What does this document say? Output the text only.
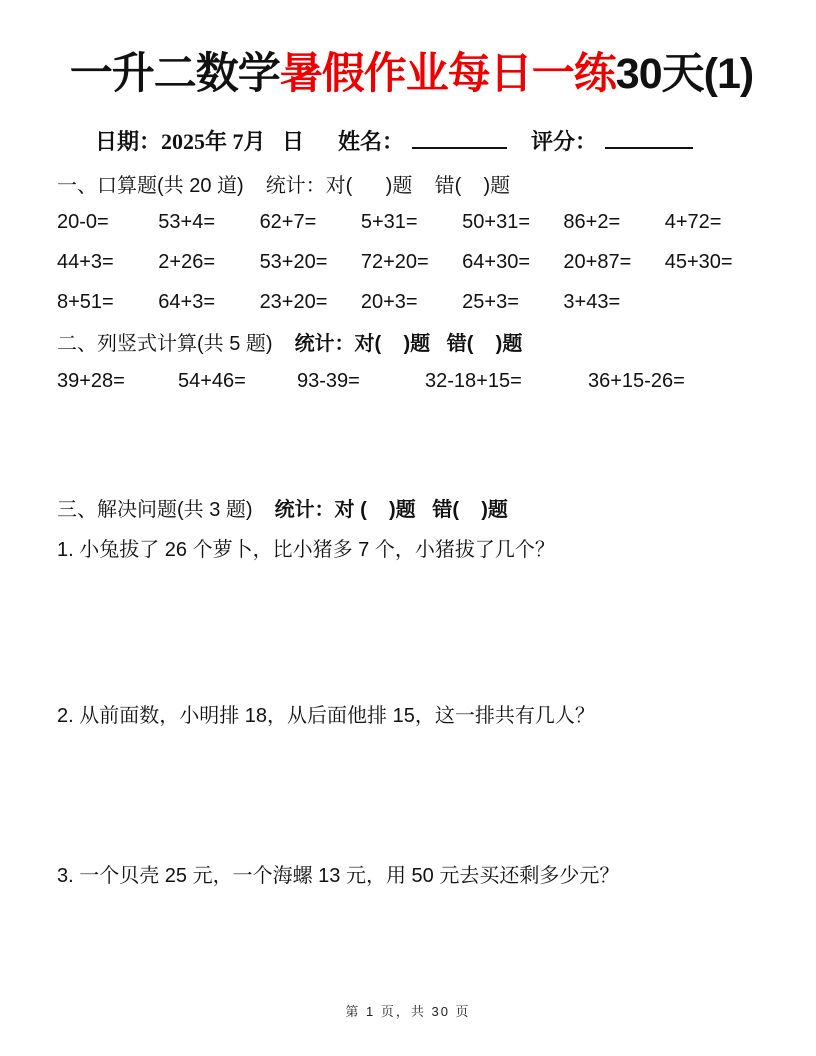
一升二数学暑假作业每日一练30天(1)
日期：2025年 7月   日 姓名：	评分：

一、口算题(共 20 道) 统计：对(      )题    错(    )题

20-0=	53+4=	62+7=	5+31=	50+31=	86+2=	4+72=
44+3=	2+26=	53+20=	72+20=	64+30=	20+87=	45+30=
8+51=	64+3=	23+20=	20+3=	25+3=	3+43=

二、列竖式计算(共 5 题) 统计：对(    )题   错(    )题

39+28=	54+46=	93-39=	32-18+15=	36+15-26=

三、解决问题(共 3 题) 统计：对 (    )题   错(    )题

1. 小兔拔了 26 个萝卜，比小猪多 7 个，小猪拔了几个？

2. 从前面数，小明排 18，从后面他排 15，这一排共有几人？

3. 一个贝壳 25 元，一个海螺 13 元，用 50 元去买还剩多少元？

第 1 页，共 30 页
